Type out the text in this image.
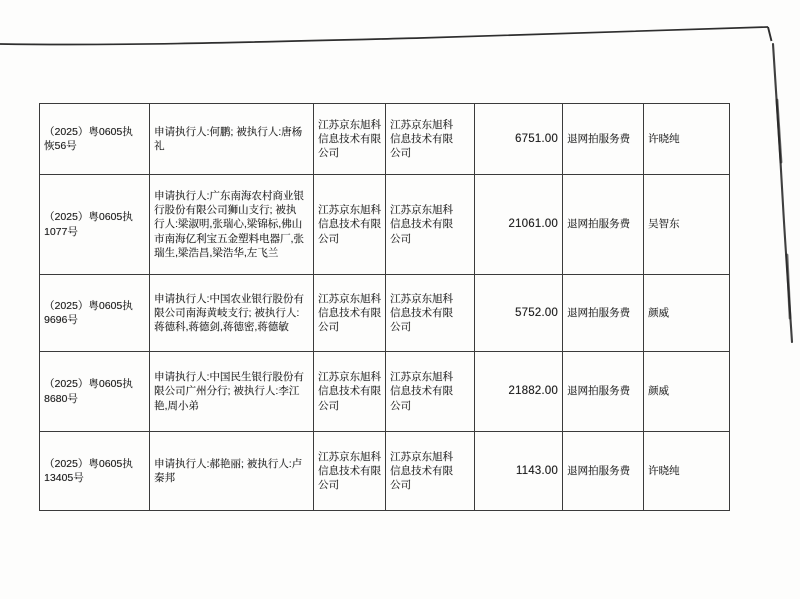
（2025）粤0605执恢56号	申请执行人:何鹏; 被执行人:唐杨礼	江苏京东旭科信息技术有限公司	江苏京东旭科信息技术有限公司	6751.00	退网拍服务费	许晓纯

（2025）粤0605执1077号	申请执行人:广东南海农村商业银行股份有限公司狮山支行; 被执行人:梁淑明,张瑞心,梁锦标,佛山市南海亿利宝五金塑料电器厂,张瑞生,梁浩昌,梁浩华,左飞兰	江苏京东旭科信息技术有限公司	江苏京东旭科信息技术有限公司	21061.00	退网拍服务费	吴智东

（2025）粤0605执9696号	申请执行人:中国农业银行股份有限公司南海黄岐支行; 被执行人:蒋德科,蒋德剑,蒋德密,蒋德敏	江苏京东旭科信息技术有限公司	江苏京东旭科信息技术有限公司	5752.00	退网拍服务费	颜威

（2025）粤0605执8680号	申请执行人:中国民生银行股份有限公司广州分行; 被执行人:李江艳,周小弟	江苏京东旭科信息技术有限公司	江苏京东旭科信息技术有限公司	21882.00	退网拍服务费	颜威

（2025）粤0605执13405号	申请执行人:郝艳丽; 被执行人:卢秦邦	江苏京东旭科信息技术有限公司	江苏京东旭科信息技术有限公司	1143.00	退网拍服务费	许晓纯
